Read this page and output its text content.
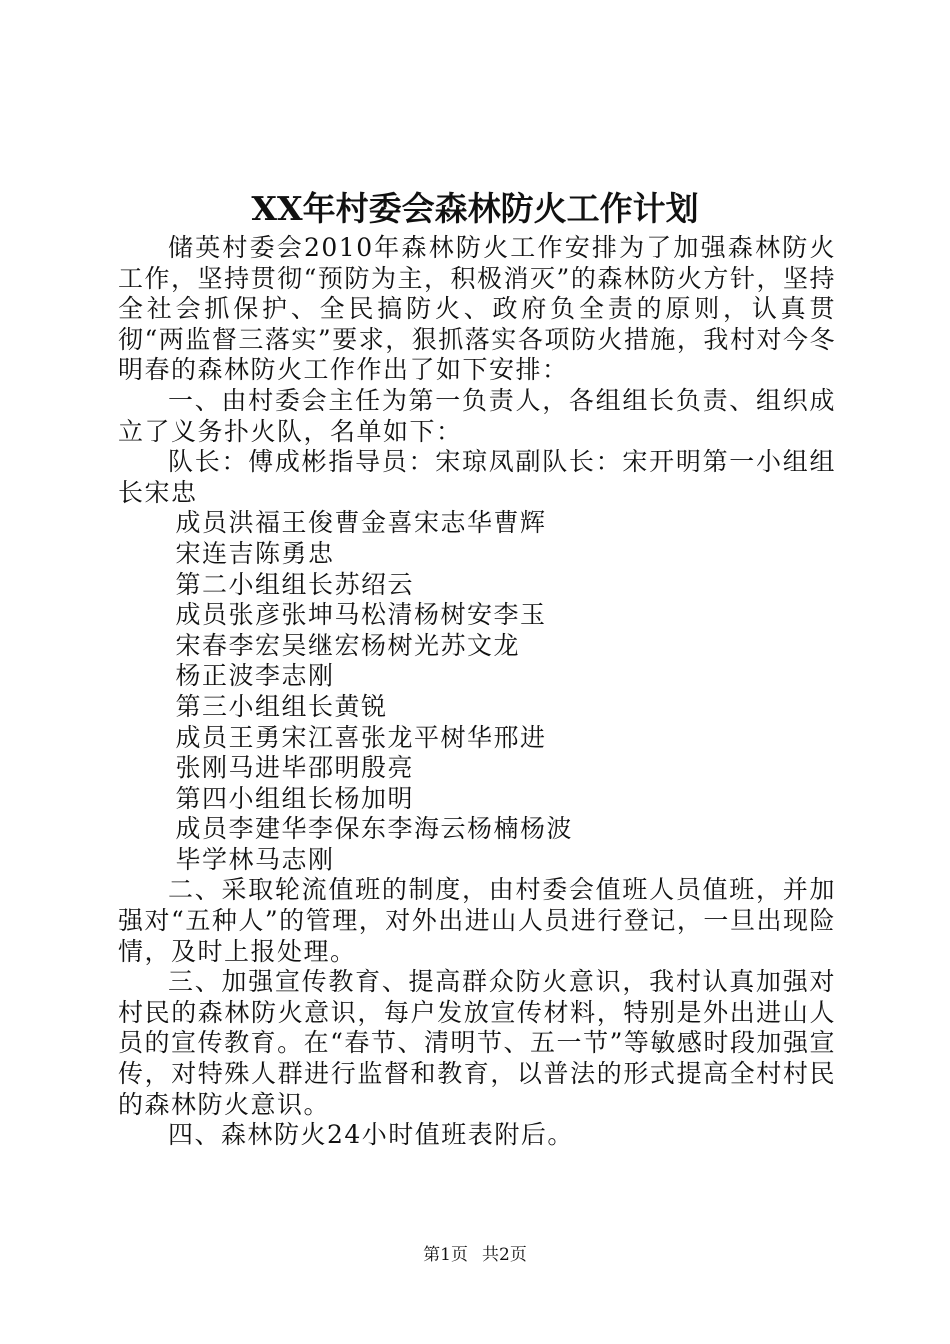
XX年村委会森林防火工作计划

储英村委会2010年森林防火工作安排为了加强森林防火工作，坚持贯彻“预防为主，积极消灭”的森林防火方针，坚持全社会抓保护、全民搞防火、政府负全责的原则，认真贯彻“两监督三落实”要求，狠抓落实各项防火措施，我村对今冬明春的森林防火工作作出了如下安排：

一、由村委会主任为第一负责人，各组组长负责、组织成立了义务扑火队，名单如下：

队长：傅成彬指导员：宋琼凤副队长：宋开明第一小组组长宋忠

成员洪福王俊曹金喜宋志华曹辉

宋连吉陈勇忠

第二小组组长苏绍云

成员张彦张坤马松清杨树安李玉

宋春李宏吴继宏杨树光苏文龙

杨正波李志刚

第三小组组长黄锐

成员王勇宋江喜张龙平树华邢进

张刚马进毕邵明殷亮

第四小组组长杨加明

成员李建华李保东李海云杨楠杨波

毕学林马志刚

二、采取轮流值班的制度，由村委会值班人员值班，并加强对“五种人”的管理，对外出进山人员进行登记，一旦出现险情，及时上报处理。

三、加强宣传教育、提高群众防火意识，我村认真加强对村民的森林防火意识，每户发放宣传材料，特别是外出进山人员的宣传教育。在“春节、清明节、五一节”等敏感时段加强宣传，对特殊人群进行监督和教育，以普法的形式提高全村村民的森林防火意识。

四、森林防火24小时值班表附后。

第1页 共2页
